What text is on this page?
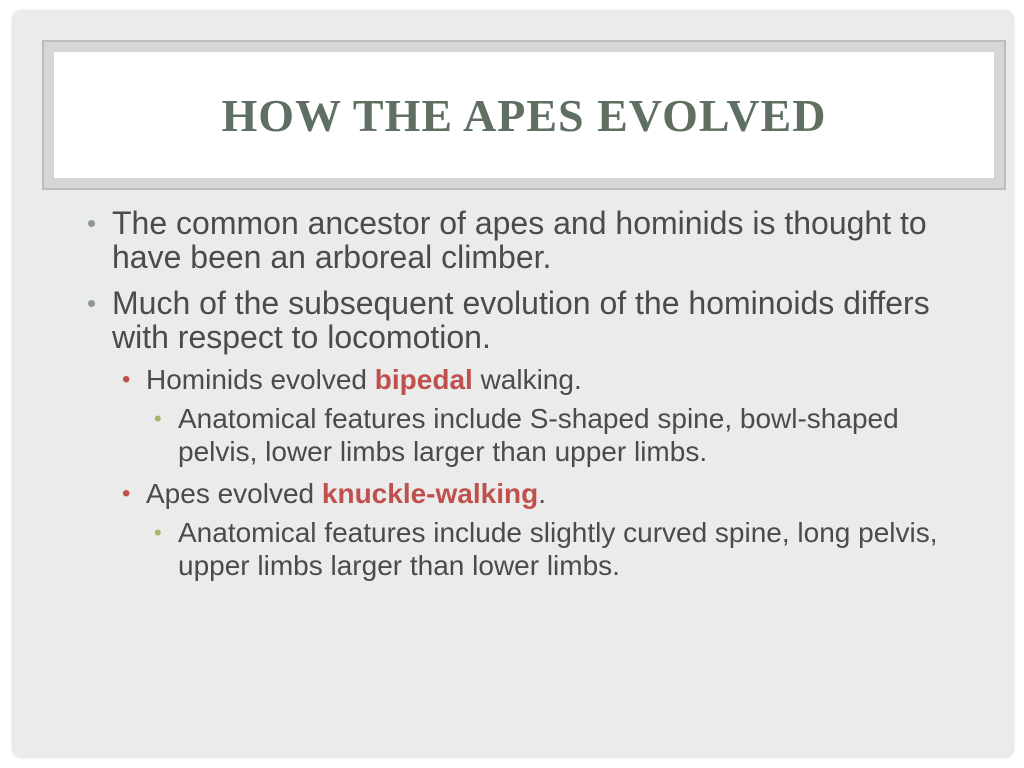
HOW THE APES EVOLVED
• The common ancestor of apes and hominids is thought to have been an arboreal climber.
• Much of the subsequent evolution of the hominoids differs with respect to locomotion.
• Hominids evolved bipedal walking.
• Anatomical features include S-shaped spine, bowl-shaped pelvis, lower limbs larger than upper limbs.
• Apes evolved knuckle-walking.
• Anatomical features include slightly curved spine, long pelvis, upper limbs larger than lower limbs.
